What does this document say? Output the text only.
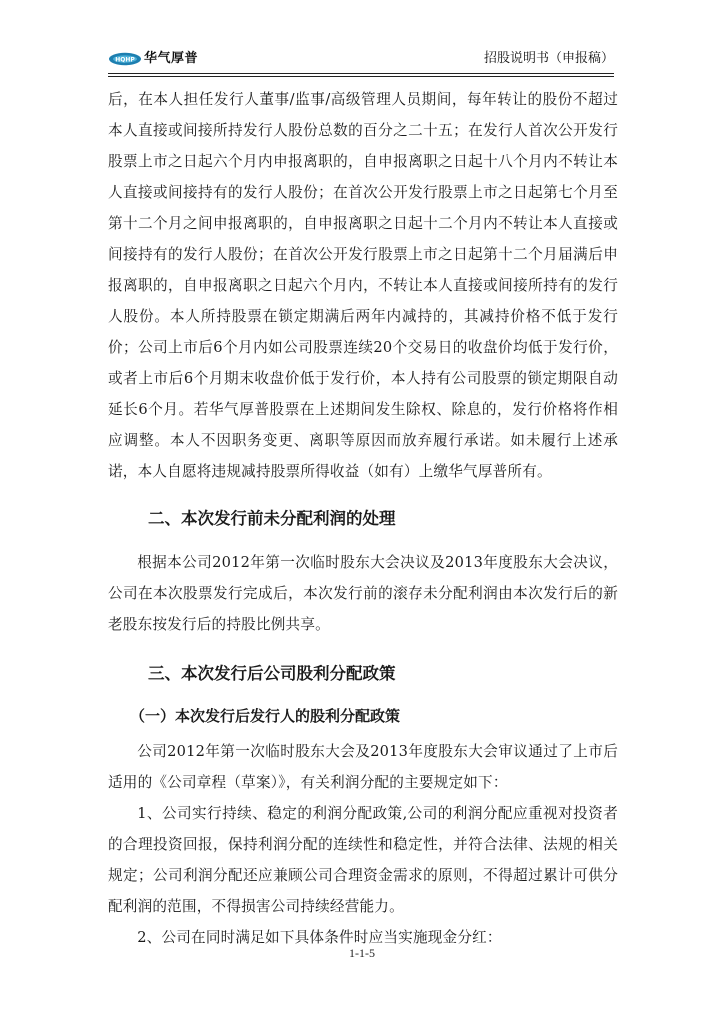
HQHP 华气厚普	招股说明书（申报稿）

后，在本人担任发行人董事/监事/高级管理人员期间，每年转让的股份不超过本人直接或间接所持发行人股份总数的百分之二十五；在发行人首次公开发行股票上市之日起六个月内申报离职的，自申报离职之日起十八个月内不转让本人直接或间接持有的发行人股份；在首次公开发行股票上市之日起第七个月至第十二个月之间申报离职的，自申报离职之日起十二个月内不转让本人直接或间接持有的发行人股份；在首次公开发行股票上市之日起第十二个月届满后申报离职的，自申报离职之日起六个月内，不转让本人直接或间接所持有的发行人股份。本人所持股票在锁定期满后两年内减持的，其减持价格不低于发行价；公司上市后6个月内如公司股票连续20个交易日的收盘价均低于发行价，或者上市后6个月期末收盘价低于发行价，本人持有公司股票的锁定期限自动延长6个月。若华气厚普股票在上述期间发生除权、除息的，发行价格将作相应调整。本人不因职务变更、离职等原因而放弃履行承诺。如未履行上述承诺，本人自愿将违规减持股票所得收益（如有）上缴华气厚普所有。

二、本次发行前未分配利润的处理

根据本公司2012年第一次临时股东大会决议及2013年度股东大会决议，公司在本次股票发行完成后，本次发行前的滚存未分配利润由本次发行后的新老股东按发行后的持股比例共享。

三、本次发行后公司股利分配政策
（一）本次发行后发行人的股利分配政策

公司2012年第一次临时股东大会及2013年度股东大会审议通过了上市后适用的《公司章程（草案）》，有关利润分配的主要规定如下：

1、公司实行持续、稳定的利润分配政策,公司的利润分配应重视对投资者的合理投资回报，保持利润分配的连续性和稳定性，并符合法律、法规的相关规定；公司利润分配还应兼顾公司合理资金需求的原则，不得超过累计可供分配利润的范围，不得损害公司持续经营能力。

2、公司在同时满足如下具体条件时应当实施现金分红：

1-1-5
